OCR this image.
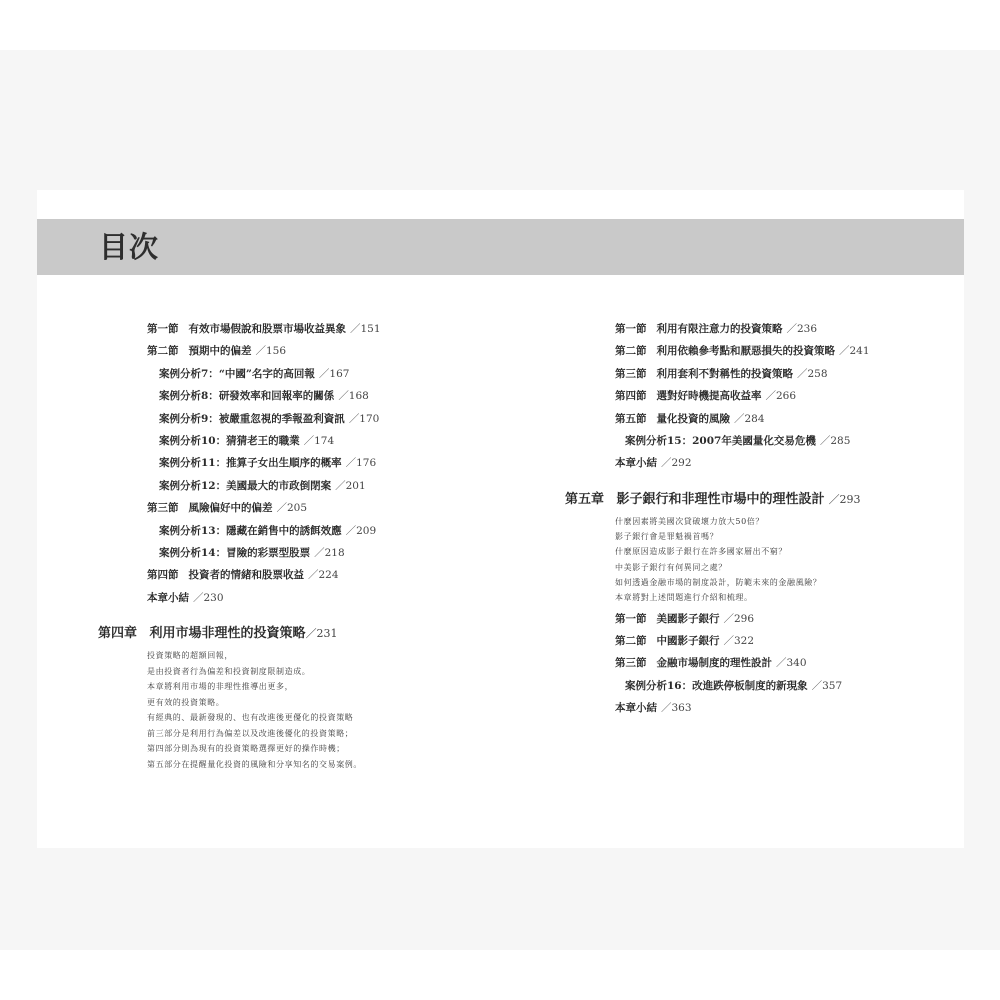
目次
第一節 有效市場假說和股票市場收益異象 ／151
第二節 預期中的偏差 ／156
案例分析7：“中國”名字的高回報 ／167
案例分析8：研發效率和回報率的關係 ／168
案例分析9：被嚴重忽視的季報盈利資訊 ／170
案例分析10：猜猜老王的職業 ／174
案例分析11：推算子女出生順序的概率 ／176
案例分析12：美國最大的市政倒閉案 ／201
第三節 風險偏好中的偏差 ／205
案例分析13：隱藏在銷售中的誘餌效應 ／209
案例分析14：冒險的彩票型股票 ／218
第四節 投資者的情緒和股票收益 ／224
本章小結 ／230
第四章 利用市場非理性的投資策略／231
投資策略的超額回報，
是由投資者行為偏差和投資制度限制造成。
本章將利用市場的非理性推導出更多，
更有效的投資策略。
有經典的、最新發現的、也有改進後更優化的投資策略
前三部分是利用行為偏差以及改進後優化的投資策略；
第四部分則為現有的投資策略選擇更好的操作時機；
第五部分在提醒量化投資的風險和分享知名的交易案例。
第一節 利用有限注意力的投資策略 ／236
第二節 利用依賴參考點和厭惡損失的投資策略 ／241
第三節 利用套利不對稱性的投資策略 ／258
第四節 選對好時機提高收益率 ／266
第五節 量化投資的風險 ／284
案例分析15：2007年美國量化交易危機 ／285
本章小結 ／292
第五章 影子銀行和非理性市場中的理性設計 ／293
什麼因素將美國次貸破壞力放大50倍？
影子銀行會是罪魁禍首嗎？
什麼原因造成影子銀行在許多國家層出不窮？
中美影子銀行有何異同之處？
如何透過金融市場的制度設計，防範未來的金融風險？
本章將對上述問題進行介紹和梳理。
第一節 美國影子銀行 ／296
第二節 中國影子銀行 ／322
第三節 金融市場制度的理性設計 ／340
案例分析16：改進跌停板制度的新現象 ／357
本章小結 ／363
